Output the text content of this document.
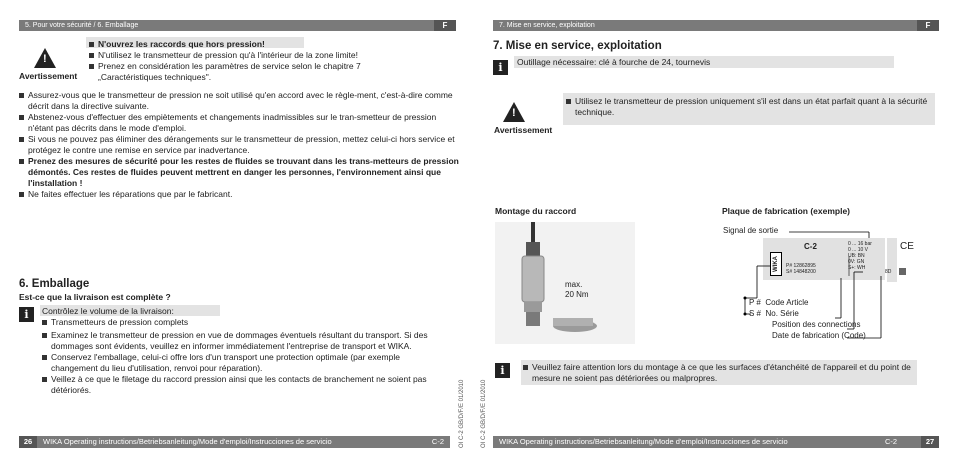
5. Pour votre sécurité / 6. Emballage	F
!
Avertissement
N'ouvrez les raccords que hors pression!
N'utilisez le transmetteur de pression qu'à l'intérieur de la zone limite!
Prenez en considération les paramètres de service selon le chapitre 7 „Caractéristiques techniques".
Assurez-vous que le transmetteur de pression ne soit utilisé qu'en accord avec le règle-ment, c'est-à-dire comme décrit dans la directive suivante.
Abstenez-vous d'effectuer des empiètements et changements inadmissibles sur le tran-smetteur de pression n'étant pas décrits dans le mode d'emploi.
Si vous ne pouvez pas éliminer des dérangements sur le transmetteur de pression, mettez celui-ci hors service et protégez le contre une remise en service par inadvertance.
Prenez des mesures de sécurité pour les restes de fluides se trouvant dans les trans-metteurs de pression démontés. Ces restes de fluides peuvent mettrent en danger les personnes, l'environnement ainsi que l'installation !
Ne faites effectuer les réparations que par le fabricant.
6. Emballage
Est-ce que la livraison est complète ?
i	Contrôlez le volume de la livraison:
Transmetteurs de pression complets
Examinez le transmetteur de pression en vue de dommages éventuels résultant du transport. Si des dommages sont évidents, veuillez en informer immédiatement l'entreprise de transport et WIKA.
Conservez l'emballage, celui-ci offre lors d'un transport une protection optimale (par exemple changement du lieu d'utilisation, renvoi pour réparation).
Veillez à ce que le filetage du raccord pression ainsi que les contacts de branchement ne soient pas détériorés.
26	WIKA Operating instructions/Betriebsanleitung/Mode d'emploi/Instrucciones de servicio	C-2	OI C-2 GB/D/F/E 01/2010	OI C-2 GB/D/F/E 01/2010
7. Mise en service, exploitation	F
7. Mise en service, exploitation
i	Outillage nécessaire: clé à fourche de 24, tournevis
!
Avertissement
Utilisez le transmetteur de pression uniquement s'il est dans un état parfait quant à la sécurité technique.
Montage du raccord
max.
20 Nm
Plaque de fabrication (exemple)
Signal de sortie
WIKA
C-2
P# 12862895
S# 14848200
0 ... 16 bar
0 ... 10 V
UB: BN
0V: GN
S+: WH
CE
8D
P # Code Article
S # No. Série
Position des connections
Date de fabrication (Code)
i	Veuillez faire attention lors du montage à ce que les surfaces d'étanchéité de l'appareil et du point de mesure ne soient pas détériorées ou malpropres.
WIKA Operating instructions/Betriebsanleitung/Mode d'emploi/Instrucciones de servicio	C-2	27
